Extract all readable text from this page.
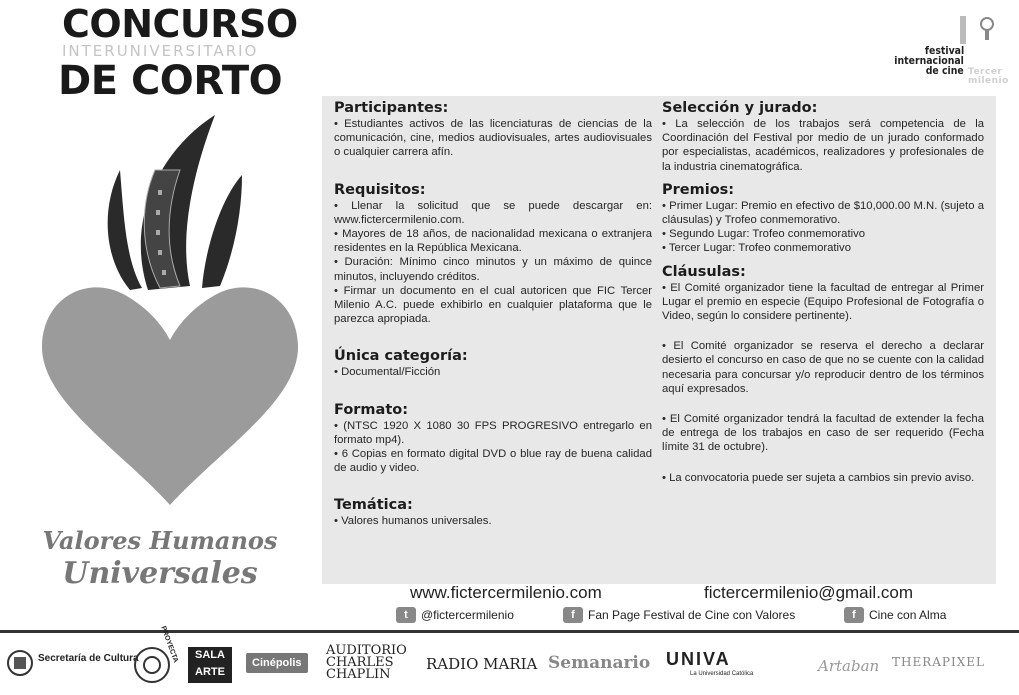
CONCURSO
INTERUNIVERSITARIO
DE CORTO
festival
internacional
de cine Tercer milenio
Valores Humanos
Universales
Participantes:

• Estudiantes activos de las licenciaturas de ciencias de la comunicación, cine, medios audiovisuales, artes audiovisuales o cualquier carrera afín.

Requisitos:

• Llenar la solicitud que se puede descargar en: www.fictercermilenio.com.
• Mayores de 18 años, de nacionalidad mexicana o extranjera residentes en la República Mexicana.
• Duración: Mínimo cinco minutos y un máximo de quince minutos, incluyendo créditos.
• Firmar un documento en el cual autoricen que FIC Tercer Milenio A.C. puede exhibirlo en cualquier plataforma que le parezca apropiada.

Única categoría:

• Documental/Ficción

Formato:

• (NTSC 1920 X 1080 30 FPS PROGRESIVO entregarlo en formato mp4).
• 6 Copias en formato digital DVD o blue ray de buena calidad de audio y video.

Temática:

• Valores humanos universales.

Selección y jurado:

• La selección de los trabajos será competencia de la Coordinación del Festival por medio de un jurado conformado por especialistas, académicos, realizadores y profesionales de la industria cinematográfica.

Premios:

• Primer Lugar: Premio en efectivo de $10,000.00 M.N. (sujeto a cláusulas) y Trofeo conmemorativo.
• Segundo Lugar: Trofeo conmemorativo
• Tercer Lugar: Trofeo conmemorativo

Cláusulas:

• El Comité organizador tiene la facultad de entregar al Primer Lugar el premio en especie (Equipo Profesional de Fotografía o Video, según lo considere pertinente).

• El Comité organizador se reserva el derecho a declarar desierto el concurso en caso de que no se cuente con la calidad necesaria para concursar y/o reproducir dentro de los términos aquí expresados.

• El Comité organizador tendrá la facultad de extender la fecha de entrega de los trabajos en caso de ser requerido (Fecha límite 31 de octubre).

• La convocatoria puede ser sujeta a cambios sin previo aviso.

www.fictercermilenio.com	fictercermilenio@gmail.com
t	@fictercermilenio	f	Fan Page Festival de Cine con Valores	f	Cine con Alma
Secretaría de Cultura	PROYECTA	SALA ARTE
Cinépolis
AUDITORIO CHARLES CHAPLIN
RADIO MARIA Semanario UNIVA
La Universidad Católica	Artaban THERAPIXEL
